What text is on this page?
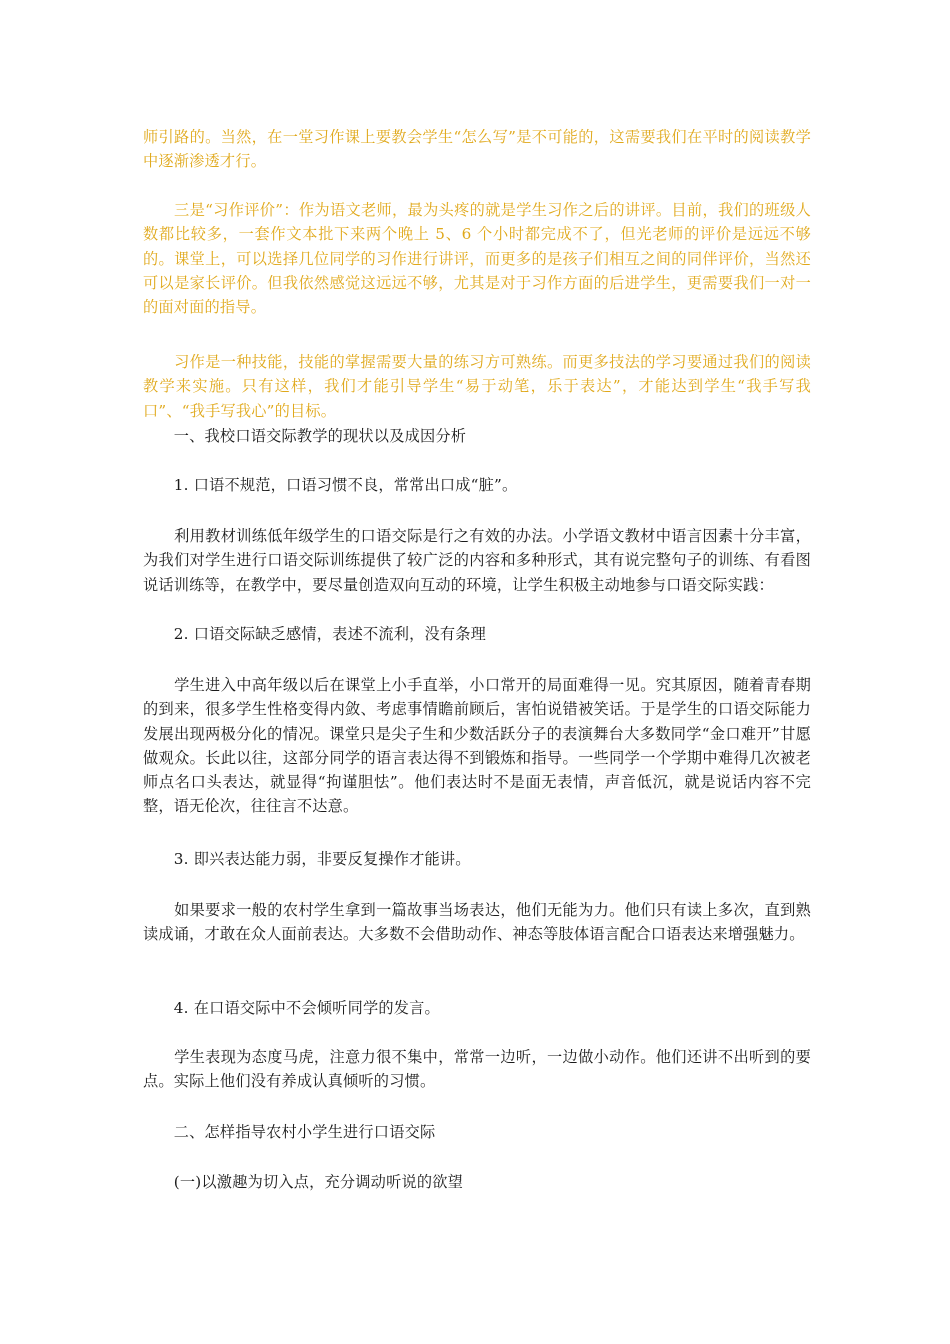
师引路的。当然，在一堂习作课上要教会学生“怎么写”是不可能的，这需要我们在平时的阅读教学中逐渐渗透才行。

　　三是“习作评价”：作为语文老师，最为头疼的就是学生习作之后的讲评。目前，我们的班级人数都比较多，一套作文本批下来两个晚上 5、6 个小时都完成不了，但光老师的评价是远远不够的。课堂上，可以选择几位同学的习作进行讲评，而更多的是孩子们相互之间的同伴评价，当然还可以是家长评价。但我依然感觉这远远不够，尤其是对于习作方面的后进学生，更需要我们一对一的面对面的指导。

　　习作是一种技能，技能的掌握需要大量的练习方可熟练。而更多技法的学习要通过我们的阅读教学来实施。只有这样，我们才能引导学生“易于动笔，乐于表达”，才能达到学生“我手写我口”、“我手写我心”的目标。

　　一、我校口语交际教学的现状以及成因分析

　　1. 口语不规范，口语习惯不良，常常出口成“脏”。

　　利用教材训练低年级学生的口语交际是行之有效的办法。小学语文教材中语言因素十分丰富，为我们对学生进行口语交际训练提供了较广泛的内容和多种形式，其有说完整句子的训练、有看图说话训练等，在教学中，要尽量创造双向互动的环境，让学生积极主动地参与口语交际实践：

　　2. 口语交际缺乏感情，表述不流利，没有条理

　　学生进入中高年级以后在课堂上小手直举，小口常开的局面难得一见。究其原因，随着青春期的到来，很多学生性格变得内敛、考虑事情瞻前顾后，害怕说错被笑话。于是学生的口语交际能力发展出现两极分化的情况。课堂只是尖子生和少数活跃分子的表演舞台大多数同学“金口难开”甘愿做观众。长此以往，这部分同学的语言表达得不到锻炼和指导。一些同学一个学期中难得几次被老师点名口头表达，就显得“拘谨胆怯”。他们表达时不是面无表情，声音低沉，就是说话内容不完整，语无伦次，往往言不达意。

　　3. 即兴表达能力弱，非要反复操作才能讲。

　　如果要求一般的农村学生拿到一篇故事当场表达，他们无能为力。他们只有读上多次，直到熟读成诵，才敢在众人面前表达。大多数不会借助动作、神态等肢体语言配合口语表达来增强魅力。

　　4. 在口语交际中不会倾听同学的发言。

　　学生表现为态度马虎，注意力很不集中，常常一边听，一边做小动作。他们还讲不出听到的要点。实际上他们没有养成认真倾听的习惯。

　　二、怎样指导农村小学生进行口语交际

　　(一)以激趣为切入点，充分调动听说的欲望
